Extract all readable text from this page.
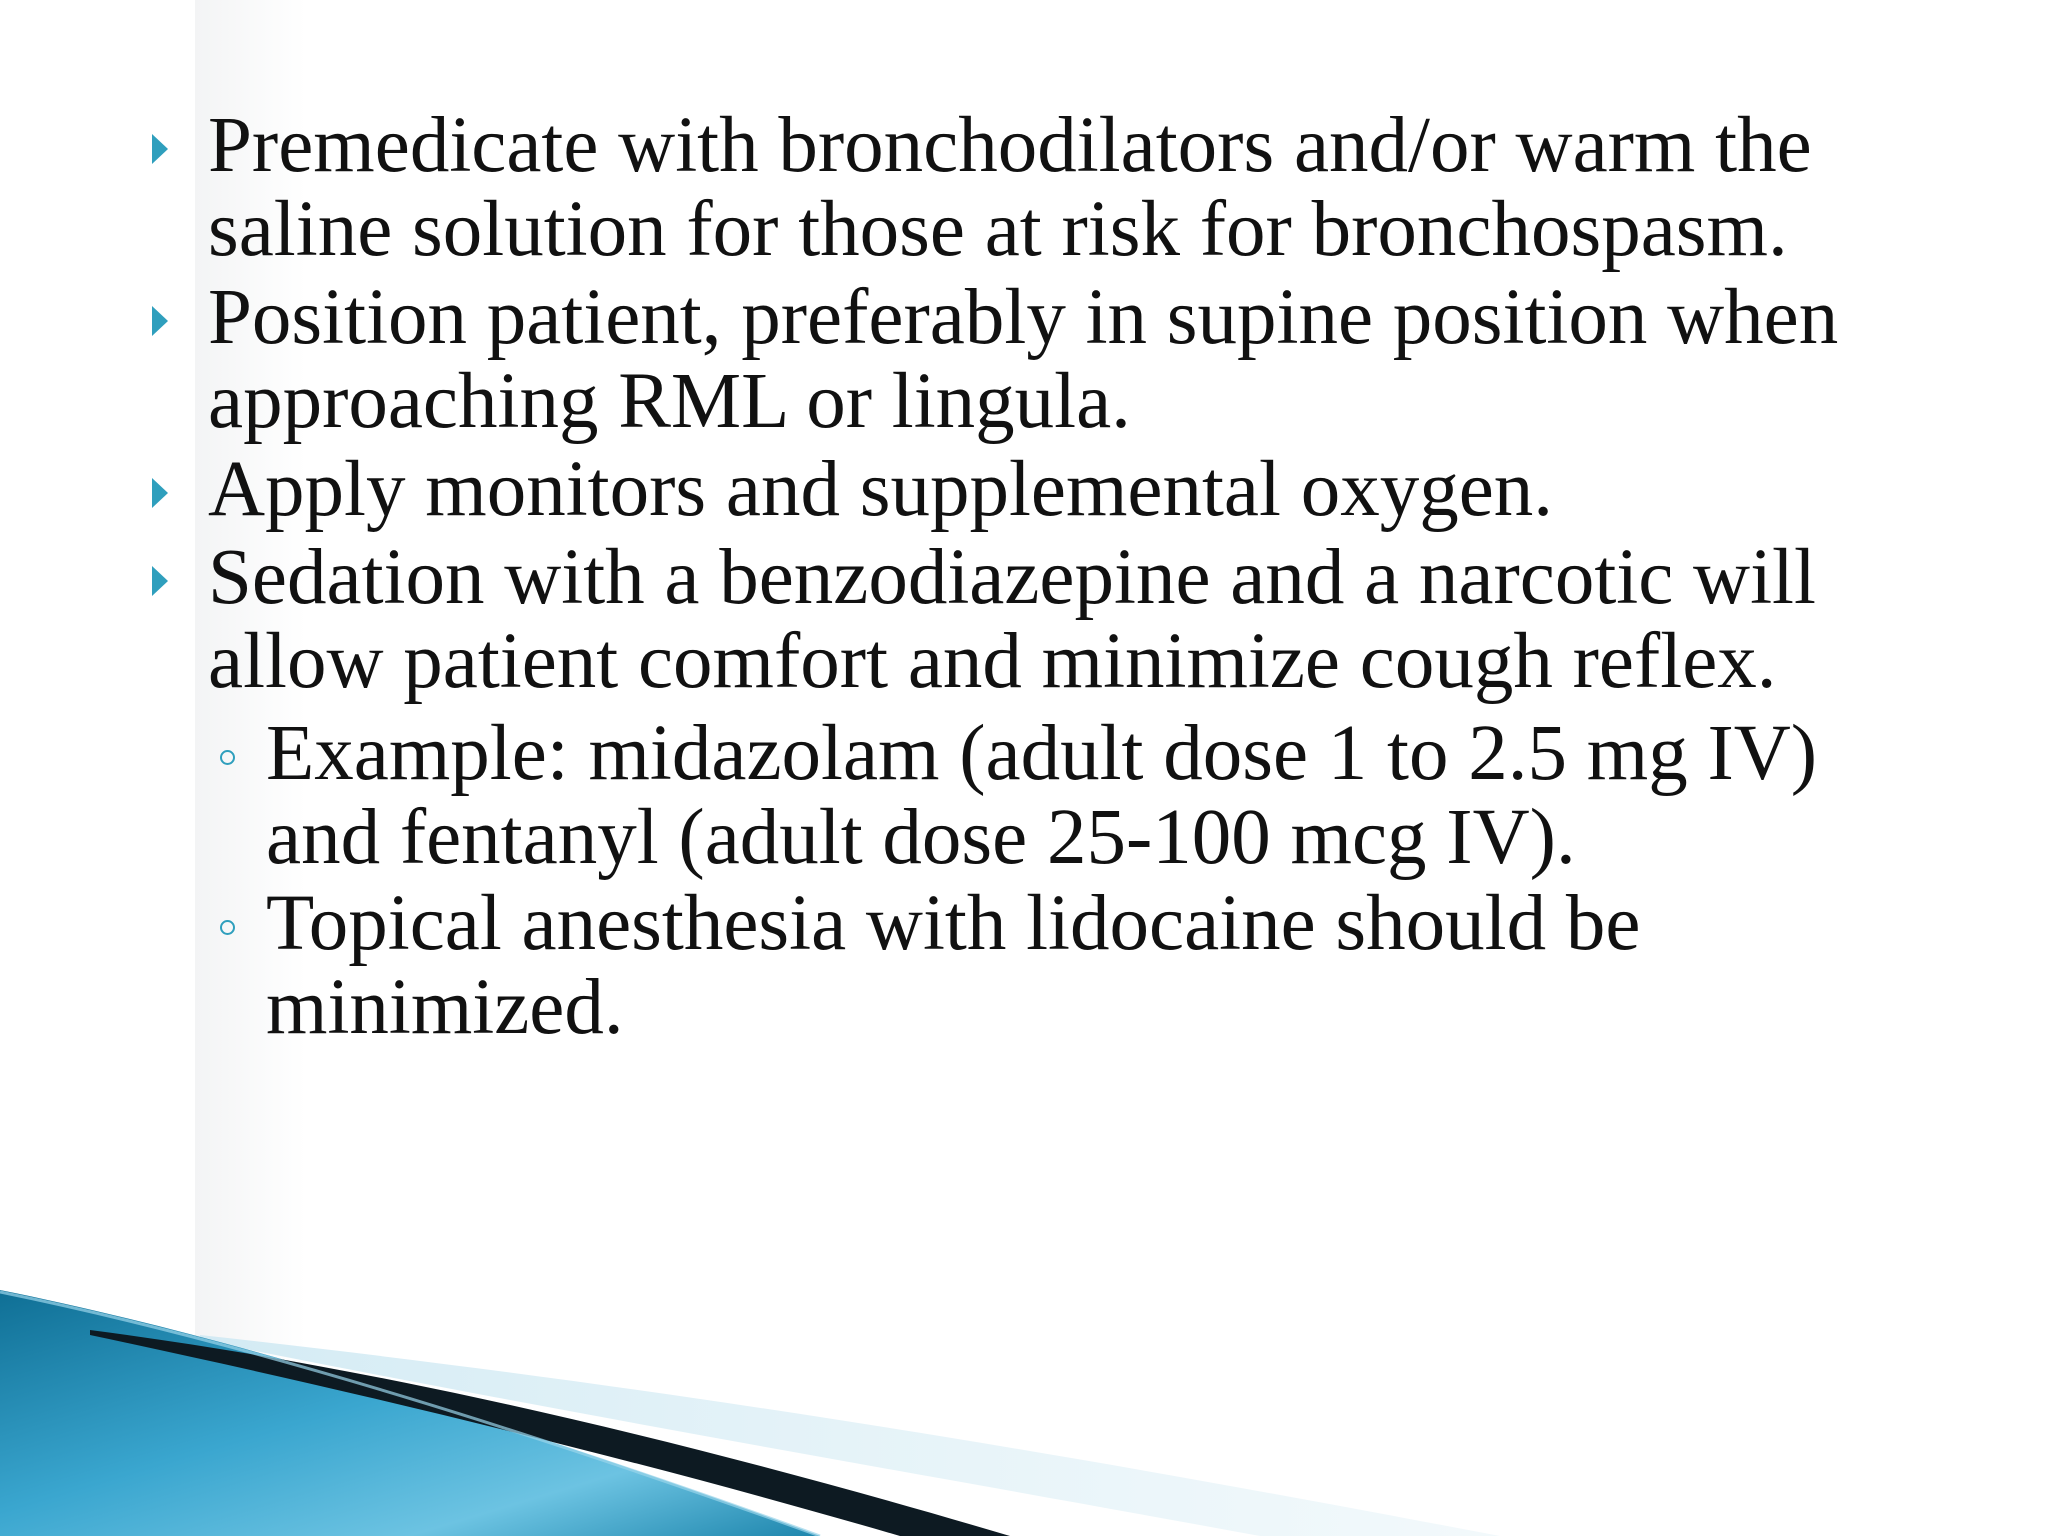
Premedicate with bronchodilators and/or warm the saline solution for those at risk for bronchospasm.
Position patient, preferably in supine position when approaching RML or lingula.
Apply monitors and supplemental oxygen.
Sedation with a benzodiazepine and a narcotic will allow patient comfort and minimize cough reflex.
Example: midazolam (adult dose 1 to 2.5 mg IV) and fentanyl (adult dose 25-100 mcg IV).
Topical anesthesia with lidocaine should be minimized.
